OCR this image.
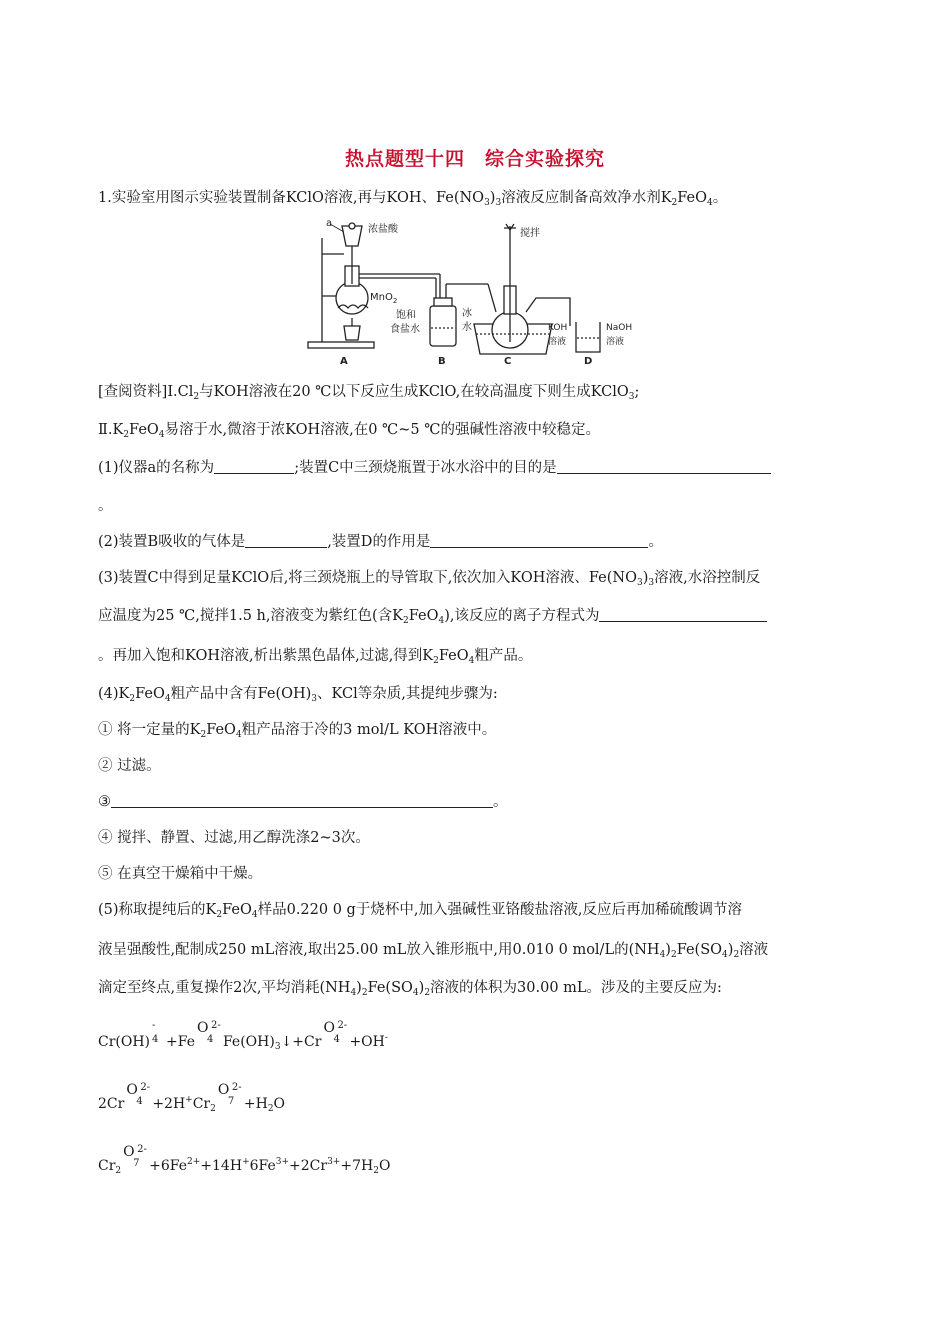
热点题型十四　综合实验探究
1.实验室用图示实验装置制备KClO溶液,再与KOH、$Fe(NO_3)_3$溶液反应制备高效净水剂$K_2FeO_4$。
a
浓盐酸
MnO$_2$
A
饱和
食盐水
B
搅拌
冰
水	KOH
溶液
C
NaOH
溶液
D
[查阅资料]$Ⅰ.Cl_2$与KOH溶液在20 ℃以下反应生成KClO,在较高温度下则生成KClO$_3$;
$Ⅱ.K_2FeO_4$易溶于水,微溶于浓KOH溶液,在0 ℃~5 ℃的强碱性溶液中较稳定。
(1)仪器a的名称为	;装置C中三颈烧瓶置于冰水浴中的目的是
。
(2)装置B吸收的气体是	,装置D的作用是	。
(3)装置C中得到足量KClO后,将三颈烧瓶上的导管取下,依次加入KOH溶液、$Fe(NO_3)_3$溶液,水浴控制反
应温度为25 ℃,搅拌1.5 h,溶液变为紫红色(含$K_2FeO_4$),该反应的离子方程式为
。再加入饱和KOH溶液,析出紫黑色晶体,过滤,得到$K_2FeO_4$粗产品。
$(4)K_2FeO_4$粗产品中含有$Fe(OH)_3$、KCl等杂质,其提纯步骤为:
① 将一定量的$K_2FeO_4$粗产品溶于冷的3 mol/L KOH溶液中。
② 过滤。
③	。
④ 搅拌、静置、过滤,用乙醇洗涤2~3次。
⑤ 在真空干燥箱中干燥。
(5)称取提纯后的$K_2FeO_4$样品0.220 0 g于烧杯中,加入强碱性亚铬酸盐溶液,反应后再加稀硫酸调节溶
液呈强酸性,配制成250 mL溶液,取出25.00 mL放入锥形瓶中,用0.010 0 mol/L的$(NH_4)_2Fe(SO_4)_2$溶液
滴定至终点,重复操作2次,平均消耗$(NH_4)_2Fe(SO_4)_2$溶液的体积为30.00 mL。涉及的主要反应为:
Cr(OH)
-
4 +Fe
O 2-
4 $Fe(OH)_3↓+Cr$
O 2-
4 +OH-
2Cr
O 2-
$4 +2H^+Cr_2$
O 2-
$7 +H_2O$
$Cr_2$
O 2-
$7 +6Fe^{2+}+14H^+6Fe^{3+}+2Cr^{3+}+7H_2O$
